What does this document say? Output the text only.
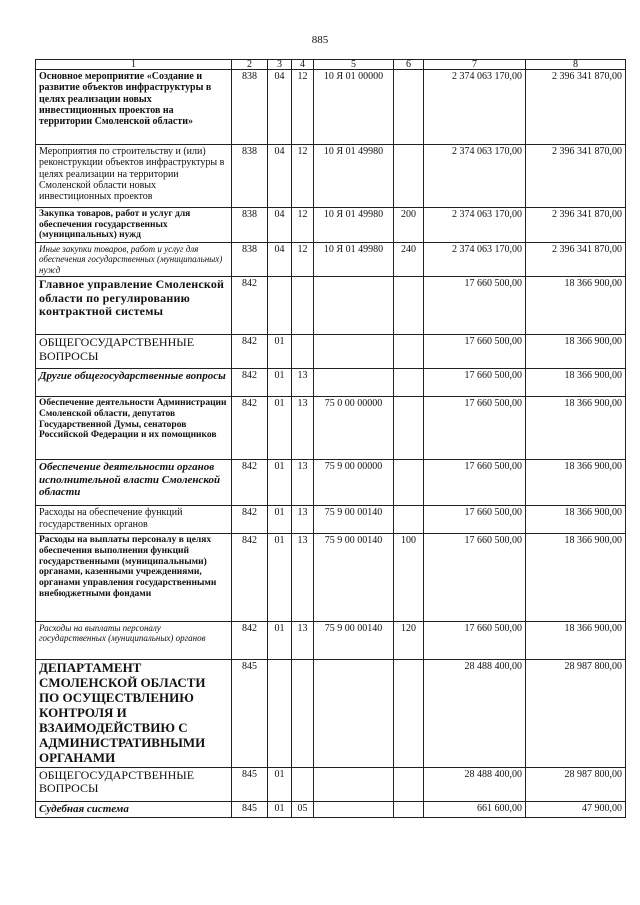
885
1	2	3	4	5	6	7	8
Основное мероприятие «Создание и развитие объектов инфраструктуры в целях реализации новых инвестиционных проектов на территории Смоленской области»	838	04	12	10 Я 01 00000		2 374 063 170,00	2 396 341 870,00
Мероприятия по строительству и (или) реконструкции объектов инфраструктуры в целях реализации на территории Смоленской области новых инвестиционных проектов	838	04	12	10 Я 01 49980		2 374 063 170,00	2 396 341 870,00
Закупка товаров, работ и услуг для обеспечения государственных (муниципальных) нужд	838	04	12	10 Я 01 49980	200	2 374 063 170,00	2 396 341 870,00
Иные закупки товаров, работ и услуг для обеспечения государственных (муниципальных) нужд	838	04	12	10 Я 01 49980	240	2 374 063 170,00	2 396 341 870,00
Главное управление Смоленской области по регулированию контрактной системы	842					17 660 500,00	18 366 900,00
ОБЩЕГОСУДАРСТВЕННЫЕ ВОПРОСЫ	842	01				17 660 500,00	18 366 900,00
Другие общегосударственные вопросы	842	01	13			17 660 500,00	18 366 900,00
Обеспечение деятельности Администрации Смоленской области, депутатов Государственной Думы, сенаторов Российской Федерации и их помощников	842	01	13	75 0 00 00000		17 660 500,00	18 366 900,00
Обеспечение деятельности органов исполнительной власти Смоленской области	842	01	13	75 9 00 00000		17 660 500,00	18 366 900,00
Расходы на обеспечение функций государственных органов	842	01	13	75 9 00 00140		17 660 500,00	18 366 900,00
Расходы на выплаты персоналу в целях обеспечения выполнения функций государственными (муниципальными) органами, казенными учреждениями, органами управления государственными внебюджетными фондами	842	01	13	75 9 00 00140	100	17 660 500,00	18 366 900,00
Расходы на выплаты персоналу государственных (муниципальных) органов	842	01	13	75 9 00 00140	120	17 660 500,00	18 366 900,00
ДЕПАРТАМЕНТ СМОЛЕНСКОЙ ОБЛАСТИ ПО ОСУЩЕСТВЛЕНИЮ КОНТРОЛЯ И ВЗАИМОДЕЙСТВИЮ С АДМИНИСТРАТИВНЫМИ ОРГАНАМИ	845					28 488 400,00	28 987 800,00
ОБЩЕГОСУДАРСТВЕННЫЕ ВОПРОСЫ	845	01				28 488 400,00	28 987 800,00
Судебная система	845	01	05			661 600,00	47 900,00
